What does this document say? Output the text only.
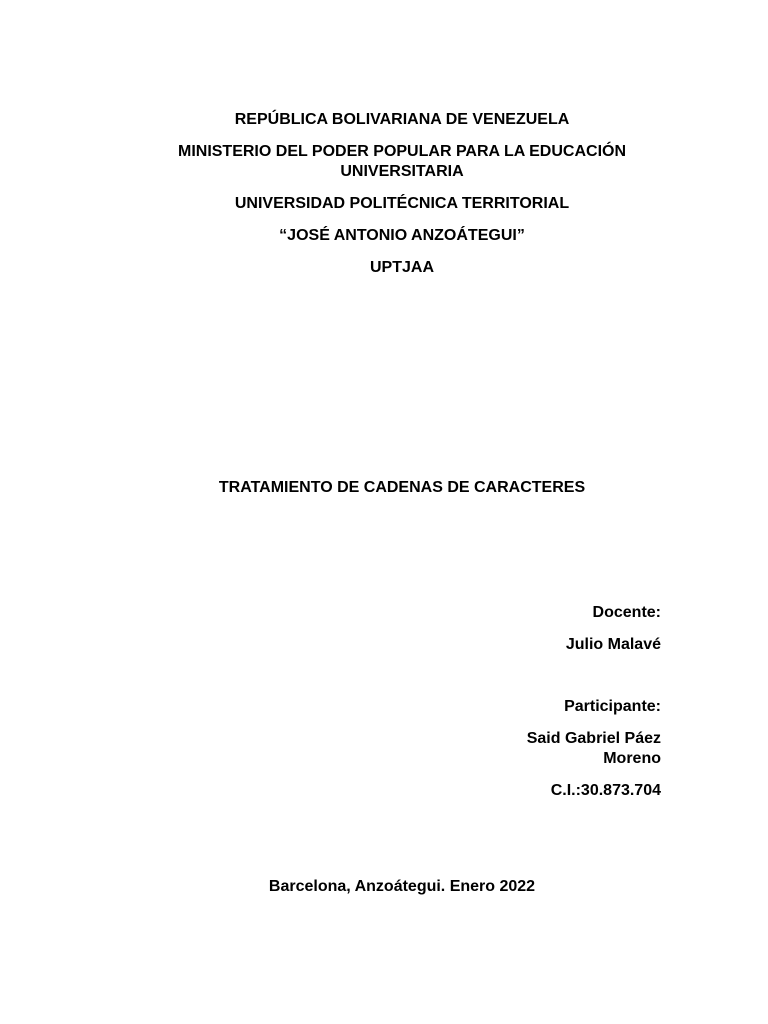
REPÚBLICA BOLIVARIANA DE VENEZUELA
MINISTERIO DEL PODER POPULAR PARA LA EDUCACIÓN
UNIVERSITARIA
UNIVERSIDAD POLITÉCNICA TERRITORIAL
“JOSÉ ANTONIO ANZOÁTEGUI”
UPTJAA
TRATAMIENTO DE CADENAS DE CARACTERES
Docente:
Julio Malavé
Participante:
Said Gabriel Páez
Moreno
C.I.:30.873.704
Barcelona, Anzoátegui. Enero 2022
